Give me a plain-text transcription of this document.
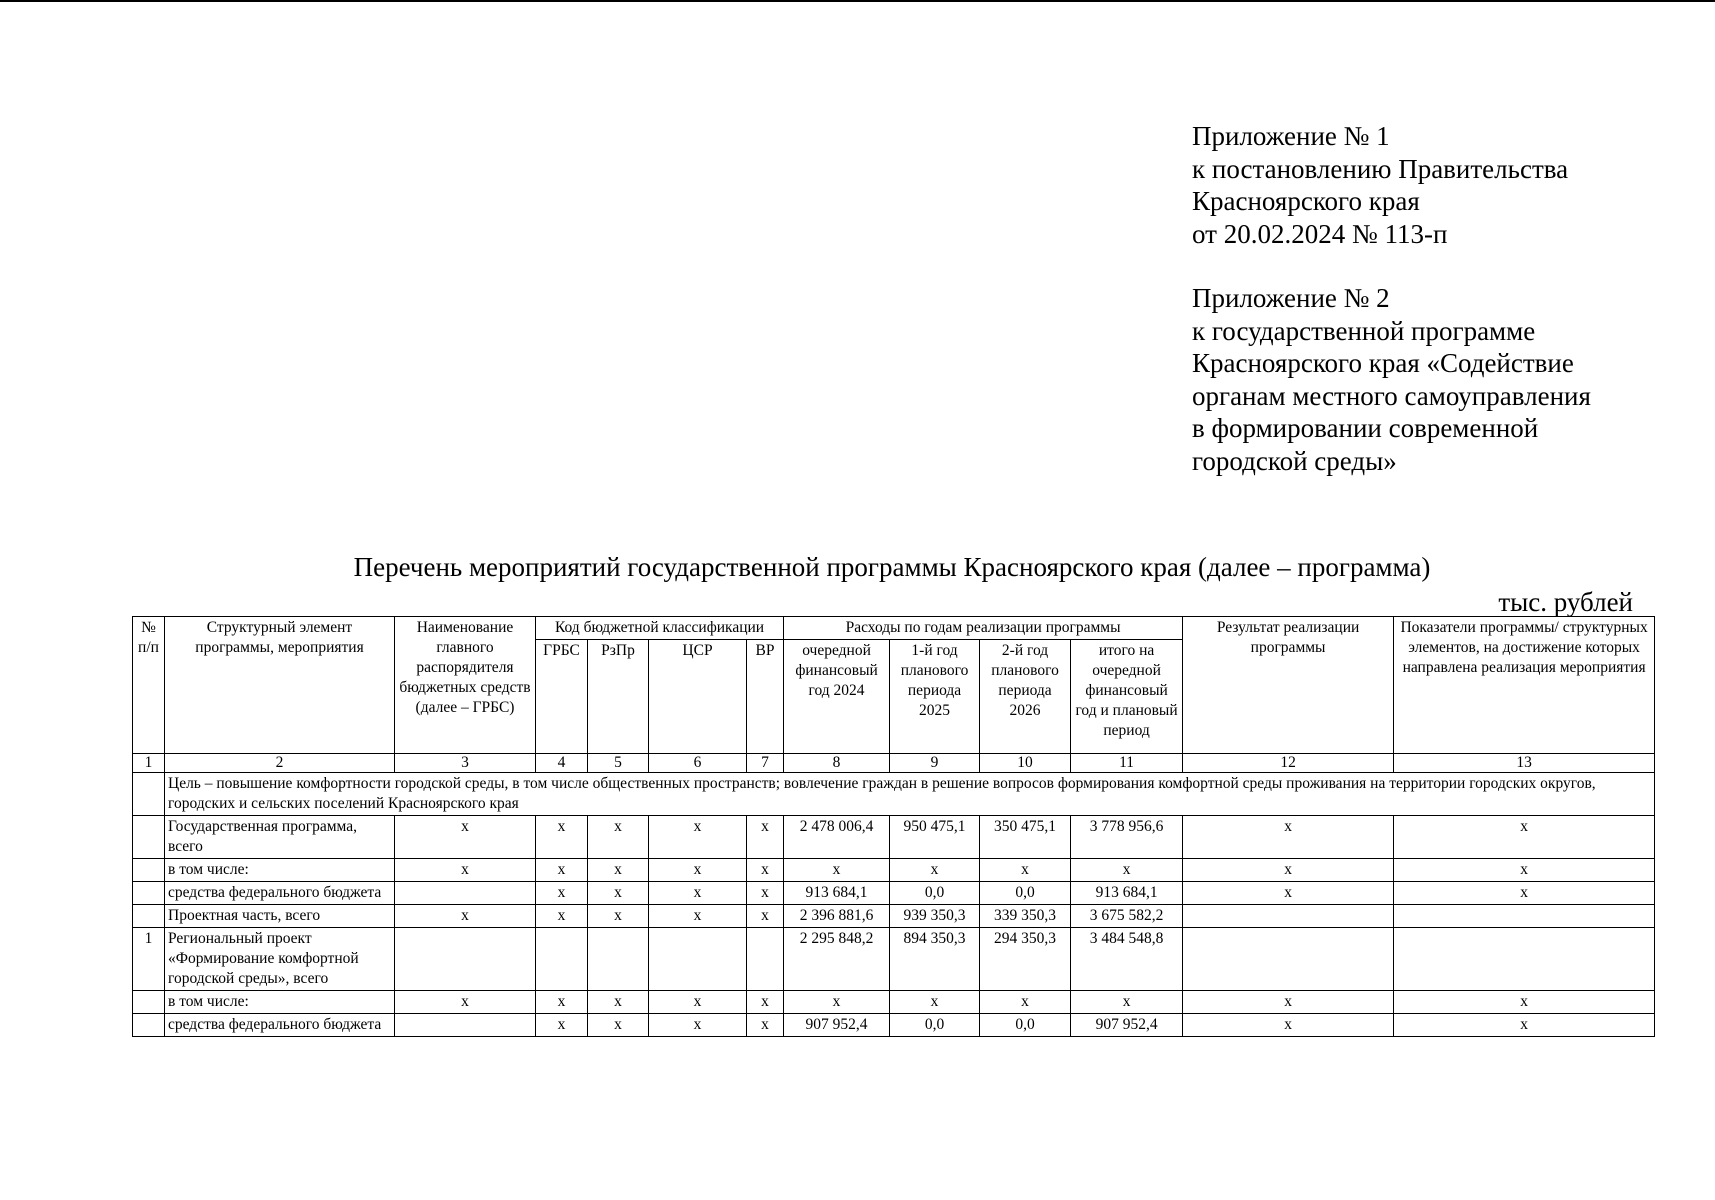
Приложение № 1
к постановлению Правительства
Красноярского края
от 20.02.2024 № 113-п
Приложение № 2
к государственной программе
Красноярского края «Содействие
органам местного самоуправления
в формировании современной
городской среды»
Перечень мероприятий государственной программы Красноярского края (далее – программа)
тыс. рублей
№ п/п	Структурный элемент программы, мероприятия	Наименование главного распорядителя бюджетных средств (далее – ГРБС)	Код бюджетной классификации				Расходы по годам реализации программы				Результат реализации программы	Показатели программы/ структурных элементов, на достижение которых направлена реализация мероприятия
			ГРБС	РзПр	ЦСР	ВР	очередной финансовый год 2024	1-й год планового периода 2025	2-й год планового периода 2026	итого на очередной финансовый год и плановый период		
1	2	3	4	5	6	7	8	9	10	11	12	13
	Цель – повышение комфортности городской среды, в том числе общественных пространств; вовлечение граждан в решение вопросов формирования комфортной среды проживания на территории городских округов, городских и сельских поселений Красноярского края											
	Государственная программа, всего	х	х	х	х	х	2 478 006,4	950 475,1	350 475,1	3 778 956,6	х	х
	в том числе:	х	х	х	х	х	х	х	х	х	х	х
	средства федерального бюджета		х	х	х	х	913 684,1	0,0	0,0	913 684,1	х	х
	Проектная часть, всего	х	х	х	х	х	2 396 881,6	939 350,3	339 350,3	3 675 582,2		
1	Региональный проект «Формирование комфортной городской среды», всего						2 295 848,2	894 350,3	294 350,3	3 484 548,8		
	в том числе:	х	х	х	х	х	х	х	х	х	х	х
	средства федерального бюджета		х	х	х	х	907 952,4	0,0	0,0	907 952,4	х	х
